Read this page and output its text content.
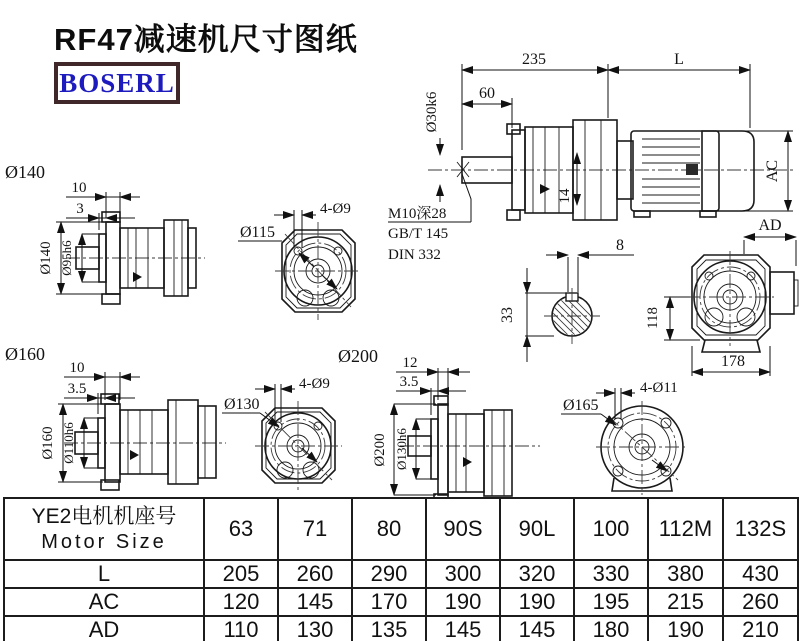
RF47减速机尺寸图纸
BOSERL
235	L
60
Ø30k6
14
AC
AD
M10深28
GB/T 145
DIN 332
8
33	118
178
Ø140
10
3
Ø140 Ø95h6
4-Ø9
Ø115
Ø160
10
3.5
Ø160 Ø110h6
4-Ø9
Ø130
Ø200 12
3.5
Ø200 Ø130h6
4-Ø11
Ø165
YE2电机机座号
Motor Size	63	71	80	90S	90L	100	112M	132S
L	205	260	290	300	320	330	380	430
AC	120	145	170	190	190	195	215	260
AD	110	130	135	145	145	180	190	210
